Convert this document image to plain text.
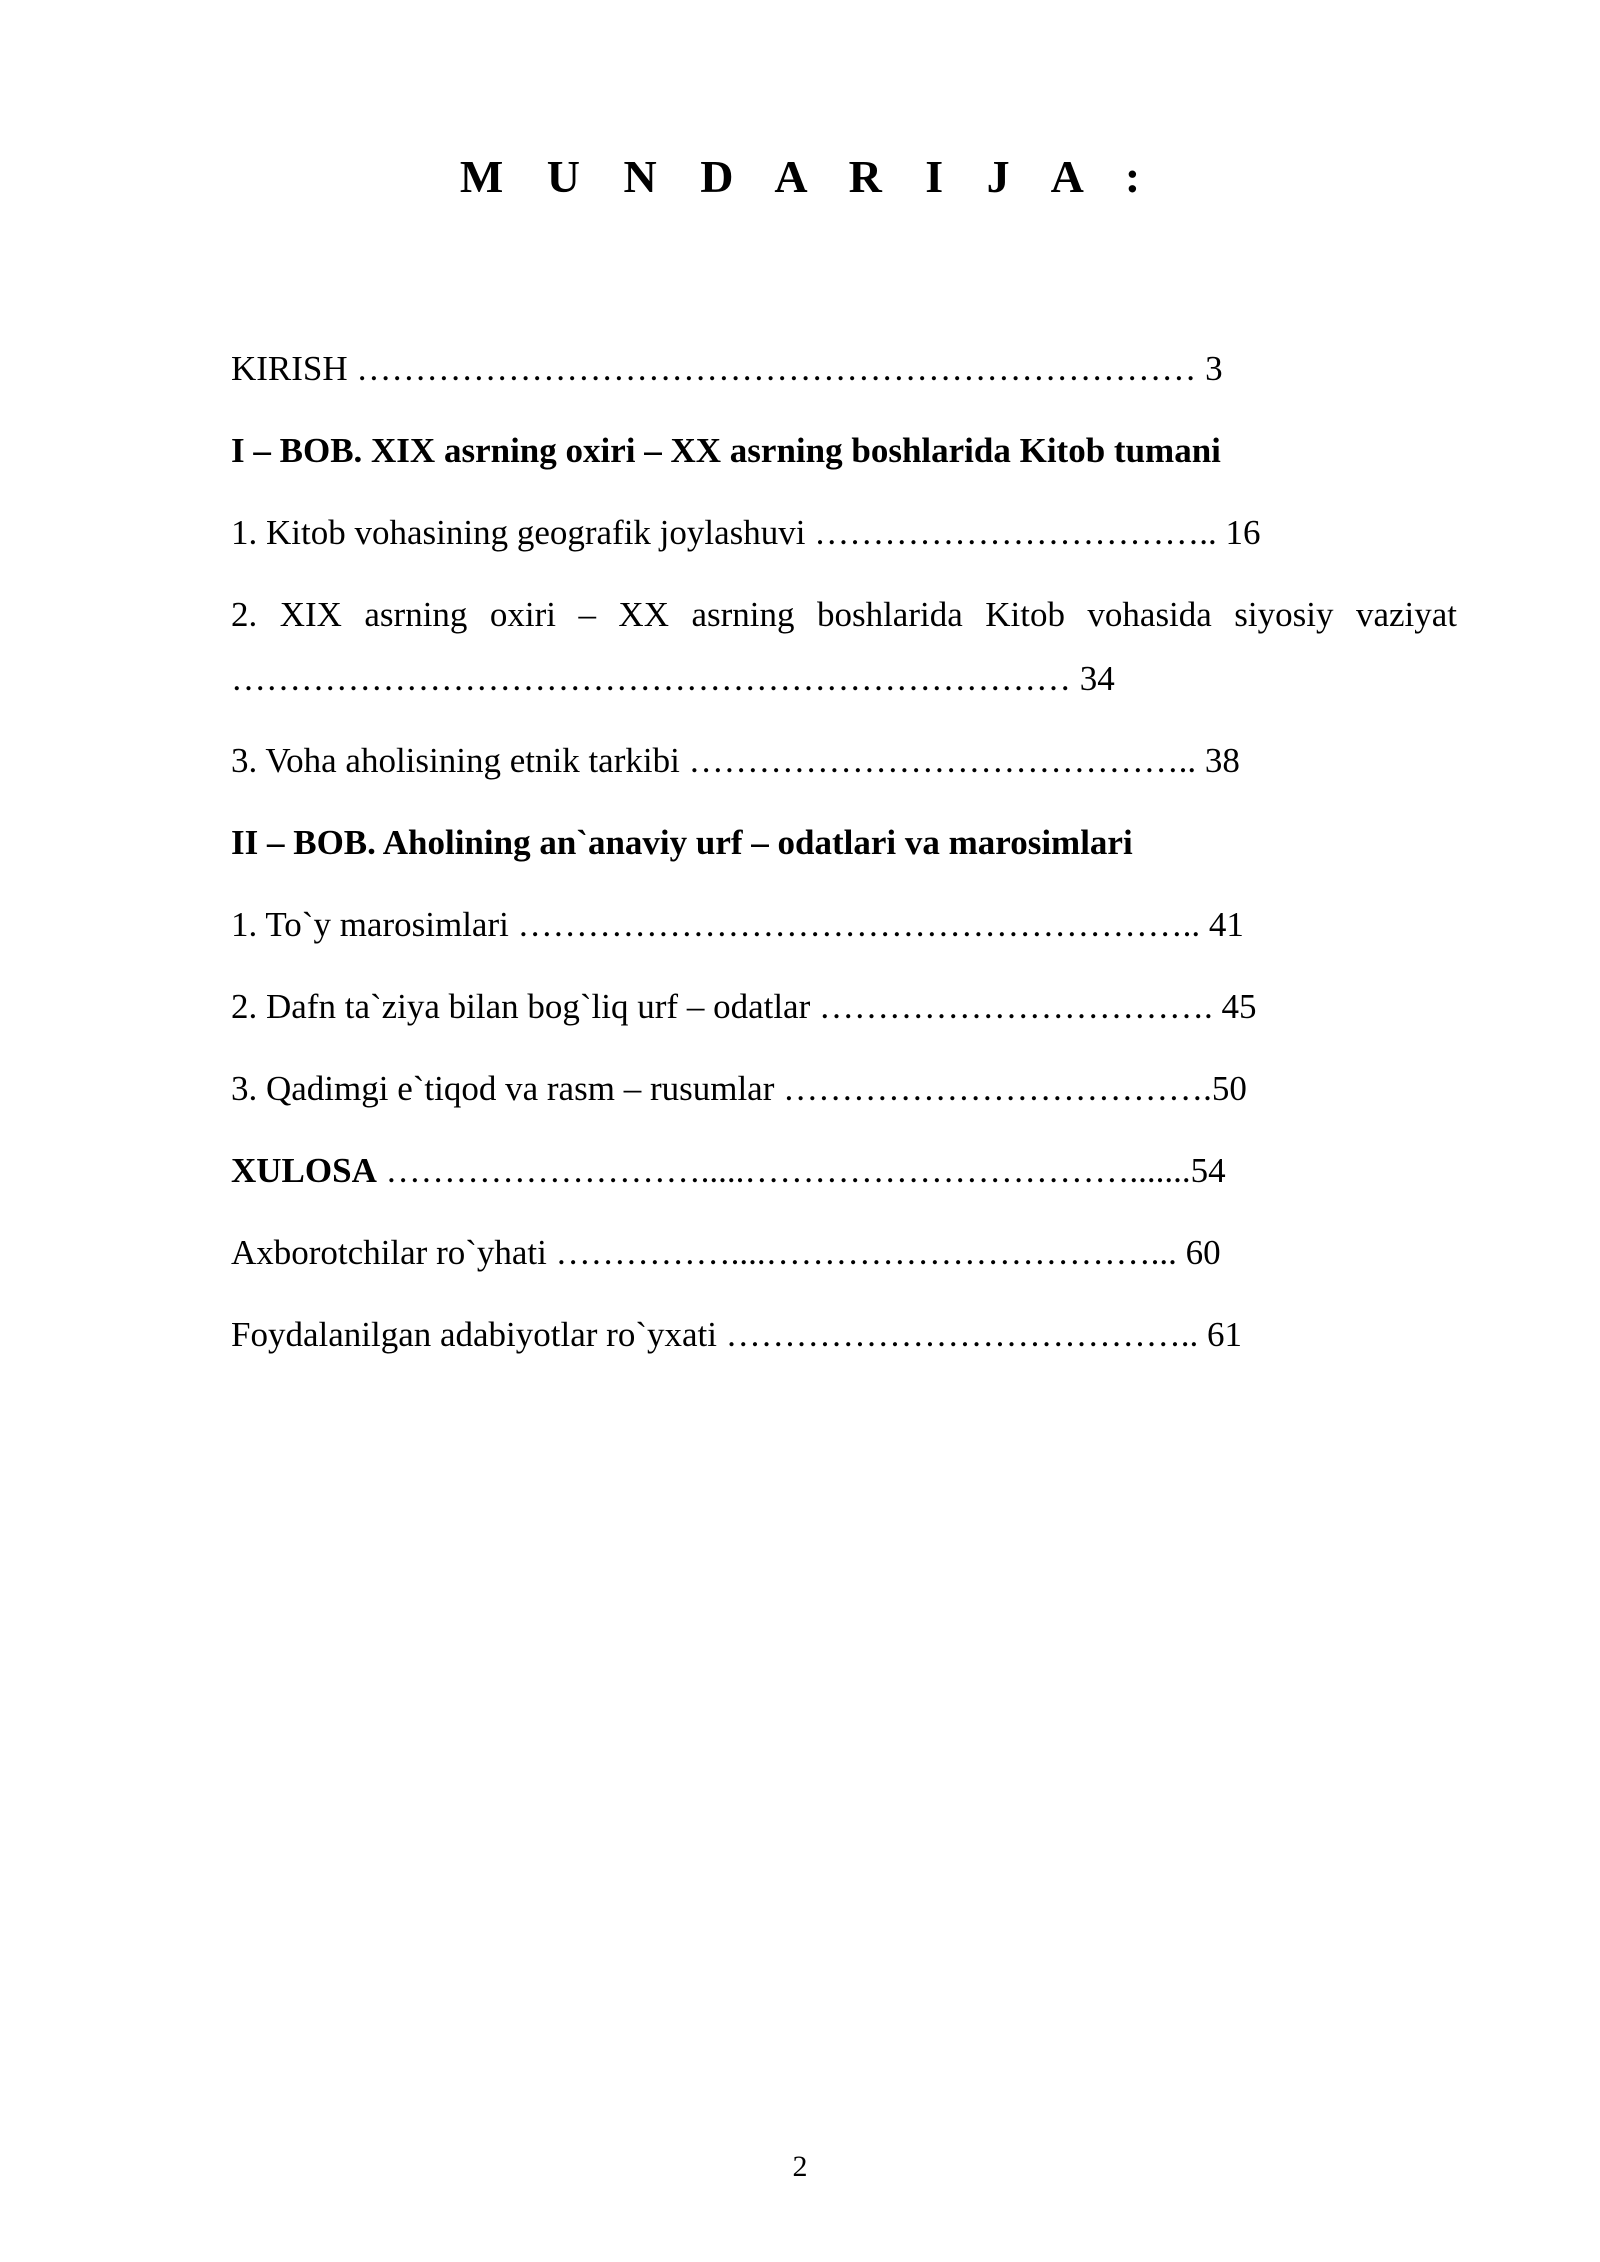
M U N D A R I J A :
KIRISH ……………………………………………………………… 3
I – BOB. XIX asrning oxiri – XX asrning boshlarida Kitob tumani
1. Kitob vohasining geografik joylashuvi …………………………….. 16
2. XIX asrning oxiri – XX asrning boshlarida Kitob vohasida siyosiy vaziyat ……………………………………………………………… 34
3. Voha aholisining etnik tarkibi …………………………………….. 38
II – BOB. Aholining an`anaviy urf – odatlari va marosimlari
1. To`y marosimlari ………………………………………………….. 41
2. Dafn ta`ziya bilan bog`liq urf – odatlar ……………………………. 45
3. Qadimgi e`tiqod va rasm – rusumlar ……………………………….50
XULOSA ……………………….....…………………………….......54
Axborotchilar ro`yhati ……………....……………………………... 60
Foydalanilgan adabiyotlar ro`yxati ………………………………….. 61
2
